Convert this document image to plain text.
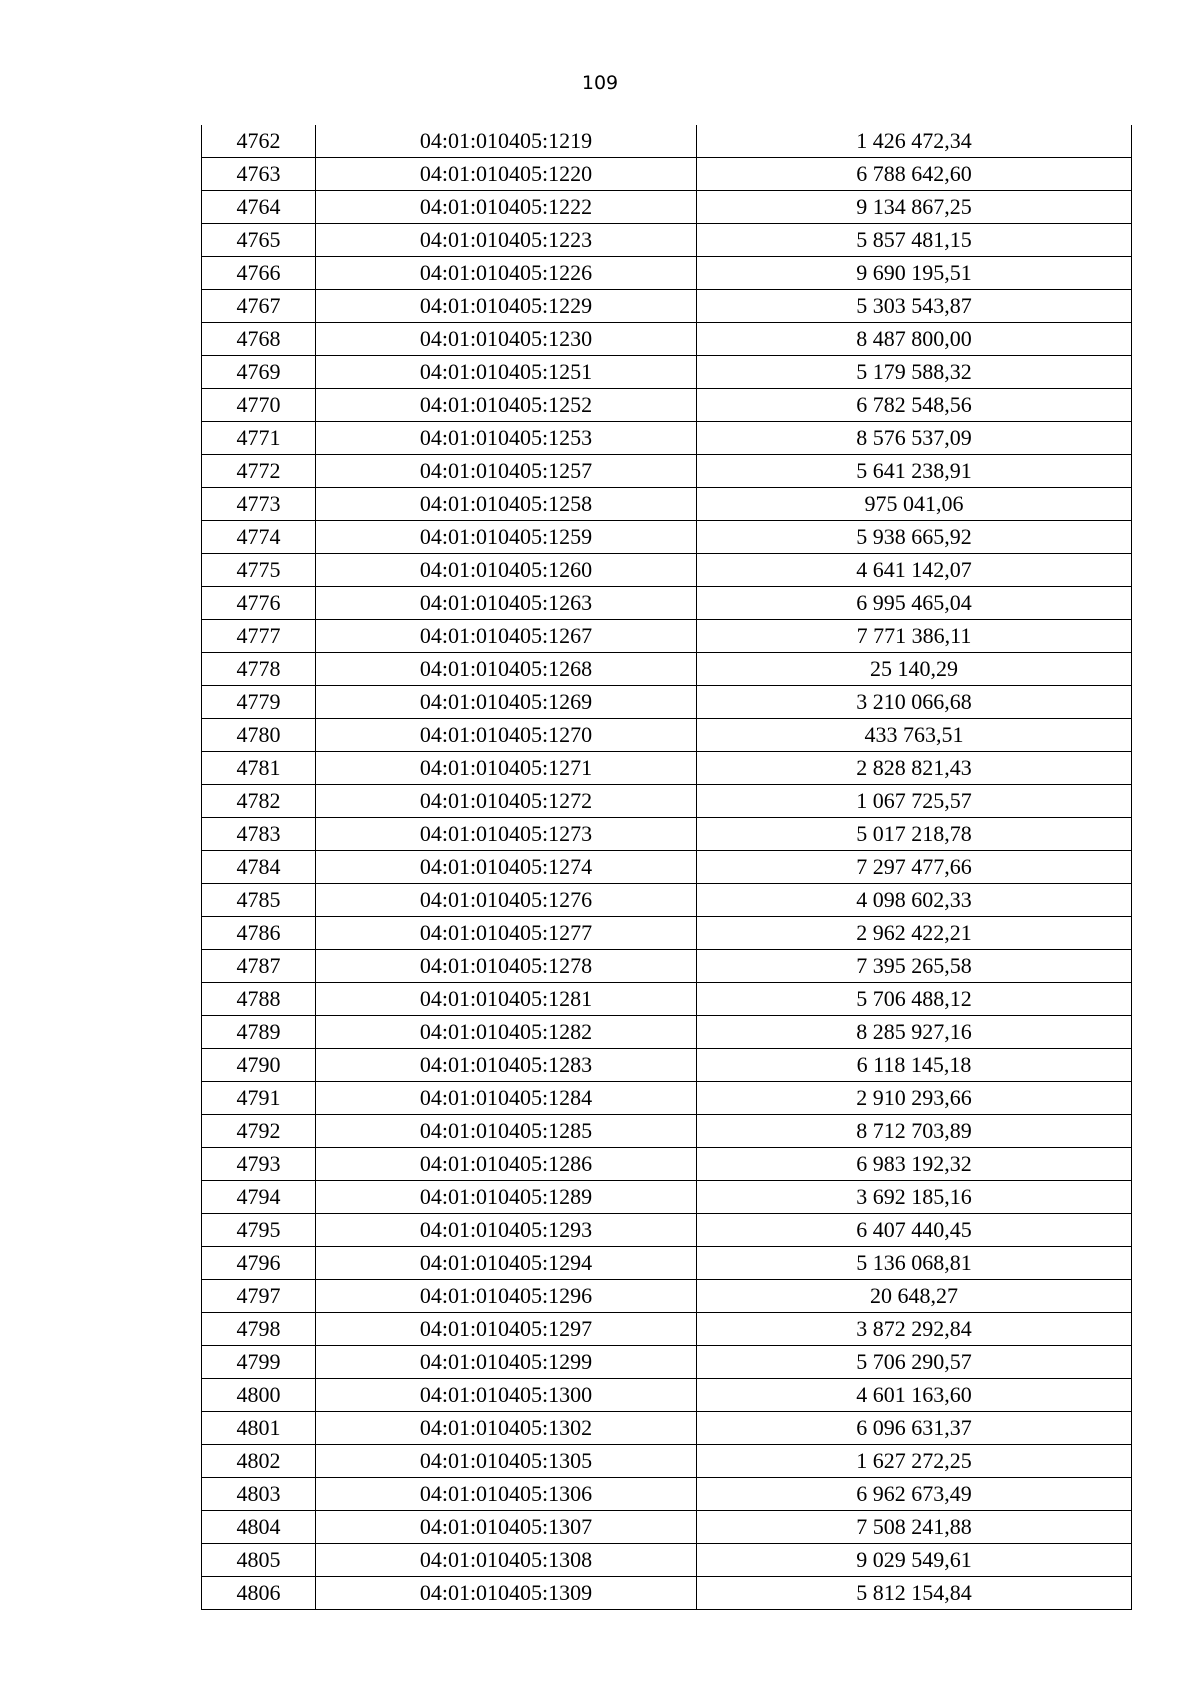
109
4762	04:01:010405:1219	1 426 472,34
4763	04:01:010405:1220	6 788 642,60
4764	04:01:010405:1222	9 134 867,25
4765	04:01:010405:1223	5 857 481,15
4766	04:01:010405:1226	9 690 195,51
4767	04:01:010405:1229	5 303 543,87
4768	04:01:010405:1230	8 487 800,00
4769	04:01:010405:1251	5 179 588,32
4770	04:01:010405:1252	6 782 548,56
4771	04:01:010405:1253	8 576 537,09
4772	04:01:010405:1257	5 641 238,91
4773	04:01:010405:1258	975 041,06
4774	04:01:010405:1259	5 938 665,92
4775	04:01:010405:1260	4 641 142,07
4776	04:01:010405:1263	6 995 465,04
4777	04:01:010405:1267	7 771 386,11
4778	04:01:010405:1268	25 140,29
4779	04:01:010405:1269	3 210 066,68
4780	04:01:010405:1270	433 763,51
4781	04:01:010405:1271	2 828 821,43
4782	04:01:010405:1272	1 067 725,57
4783	04:01:010405:1273	5 017 218,78
4784	04:01:010405:1274	7 297 477,66
4785	04:01:010405:1276	4 098 602,33
4786	04:01:010405:1277	2 962 422,21
4787	04:01:010405:1278	7 395 265,58
4788	04:01:010405:1281	5 706 488,12
4789	04:01:010405:1282	8 285 927,16
4790	04:01:010405:1283	6 118 145,18
4791	04:01:010405:1284	2 910 293,66
4792	04:01:010405:1285	8 712 703,89
4793	04:01:010405:1286	6 983 192,32
4794	04:01:010405:1289	3 692 185,16
4795	04:01:010405:1293	6 407 440,45
4796	04:01:010405:1294	5 136 068,81
4797	04:01:010405:1296	20 648,27
4798	04:01:010405:1297	3 872 292,84
4799	04:01:010405:1299	5 706 290,57
4800	04:01:010405:1300	4 601 163,60
4801	04:01:010405:1302	6 096 631,37
4802	04:01:010405:1305	1 627 272,25
4803	04:01:010405:1306	6 962 673,49
4804	04:01:010405:1307	7 508 241,88
4805	04:01:010405:1308	9 029 549,61
4806	04:01:010405:1309	5 812 154,84
